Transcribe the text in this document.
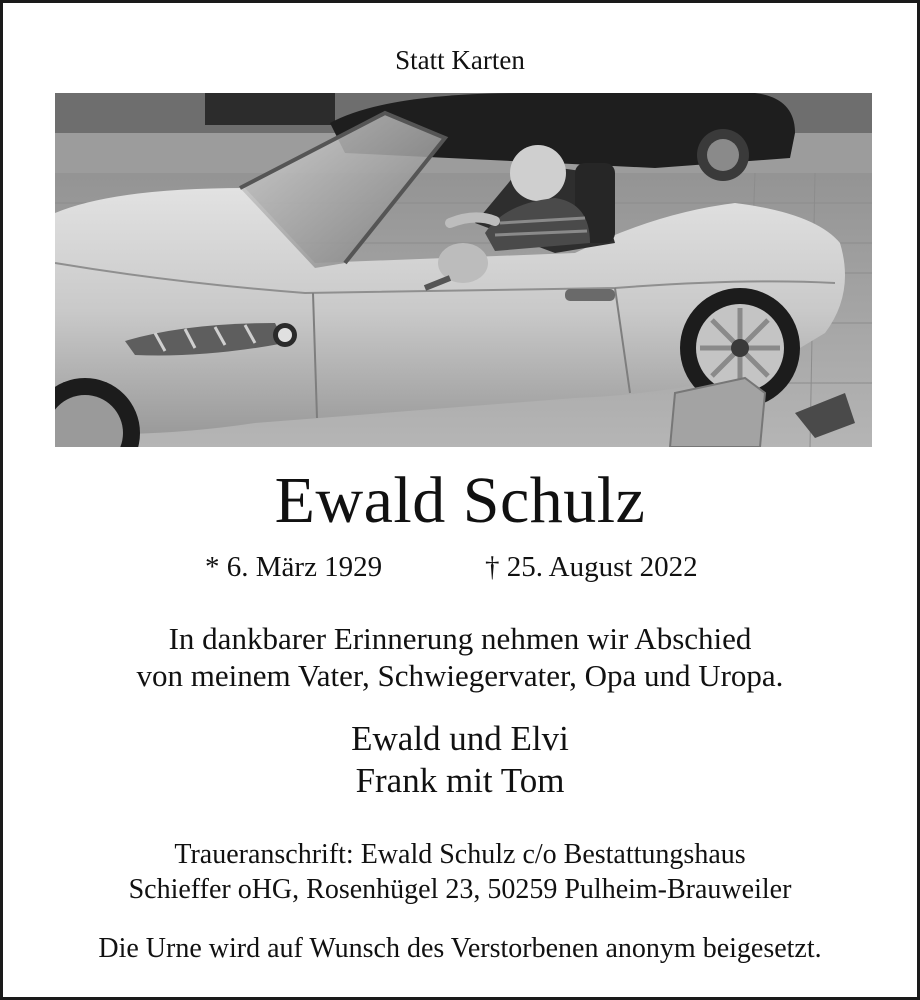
Statt Karten
Ewald Schulz
* 6. März 1929	† 25. August 2022
In dankbarer Erinnerung nehmen wir Abschied
von meinem Vater, Schwiegervater, Opa und Uropa.
Ewald und Elvi
Frank mit Tom
Traueranschrift: Ewald Schulz c/o Bestattungshaus
Schieffer oHG, Rosenhügel 23, 50259 Pulheim-Brauweiler
Die Urne wird auf Wunsch des Verstorbenen anonym beigesetzt.
